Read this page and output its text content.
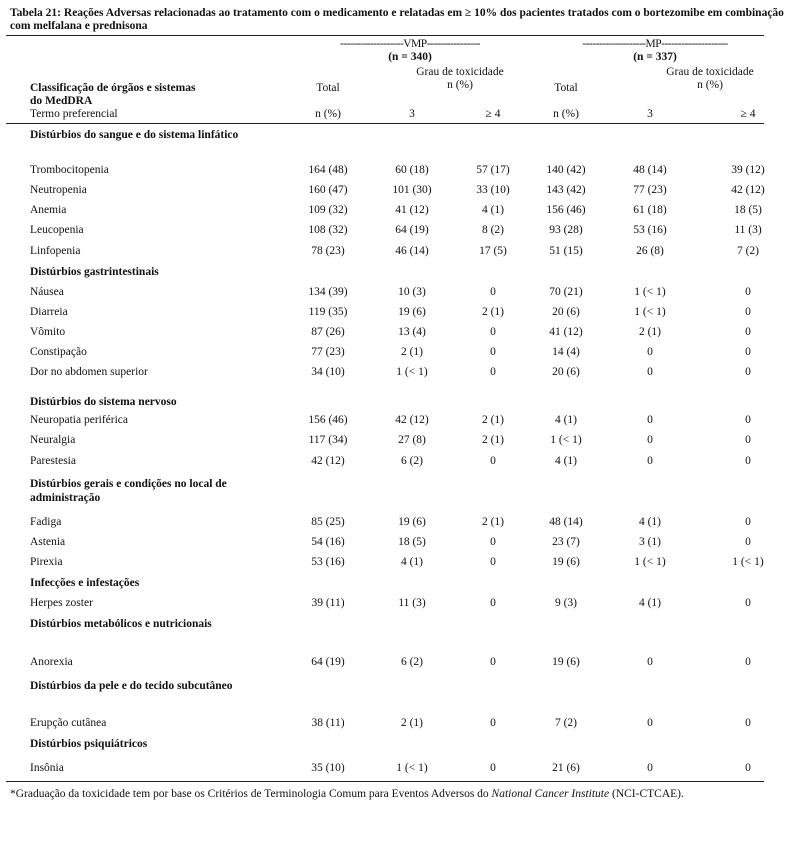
Tabela 21: Reações Adversas relacionadas ao tratamento com o medicamento e relatadas em ≥ 10% dos pacientes tratados com o bortezomibe em combinação com melfalana e prednisona
-------------------VMP----------------
(n = 340)
-------------------MP--------------------
(n = 337)
Classificação de órgãos e sistemas
do MedDRA
Termo preferencial
Total	Total
Grau de toxicidade
n (%)
Grau de toxicidade
n (%)
n (%)	3	≥ 4	n (%)	3	≥ 4
Distúrbios do sangue e do sistema linfático
Trombocitopenia	164 (48)	60 (18)	57 (17)	140 (42)	48 (14)	39 (12)
Neutropenia	160 (47)	101 (30)	33 (10)	143 (42)	77 (23)	42 (12)
Anemia	109 (32)	41 (12)	4 (1)	156 (46)	61 (18)	18 (5)
Leucopenia	108 (32)	64 (19)	8 (2)	93 (28)	53 (16)	11 (3)
Linfopenia	78 (23)	46 (14)	17 (5)	51 (15)	26 (8)	7 (2)
Distúrbios gastrintestinais
Náusea	134 (39)	10 (3)	0	70 (21)	1 (< 1)	0
Diarreia	119 (35)	19 (6)	2 (1)	20 (6)	1 (< 1)	0
Vômito	87 (26)	13 (4)	0	41 (12)	2 (1)	0
Constipação	77 (23)	2 (1)	0	14 (4)	0	0
Dor no abdomen superior	34 (10)	1 (< 1)	0	20 (6)	0	0
Distúrbios do sistema nervoso
Neuropatia periférica	156 (46)	42 (12)	2 (1)	4 (1)	0	0
Neuralgia	117 (34)	27 (8)	2 (1)	1 (< 1)	0	0
Parestesia	42 (12)	6 (2)	0	4 (1)	0	0
Distúrbios gerais e condições no local de administração
Fadiga	85 (25)	19 (6)	2 (1)	48 (14)	4 (1)	0
Astenia	54 (16)	18 (5)	0	23 (7)	3 (1)	0
Pirexia	53 (16)	4 (1)	0	19 (6)	1 (< 1)	1 (< 1)
Infecções e infestações
Herpes zoster	39 (11)	11 (3)	0	9 (3)	4 (1)	0
Distúrbios metabólicos e nutricionais
Anorexia	64 (19)	6 (2)	0	19 (6)	0	0
Distúrbios da pele e do tecido subcutâneo
Erupção cutânea	38 (11)	2 (1)	0	7 (2)	0	0
Distúrbios psiquiátricos
Insônia	35 (10)	1 (< 1)	0	21 (6)	0	0
*Graduação da toxicidade tem por base os Critérios de Terminologia Comum para Eventos Adversos do National Cancer Institute (NCI-CTCAE).
